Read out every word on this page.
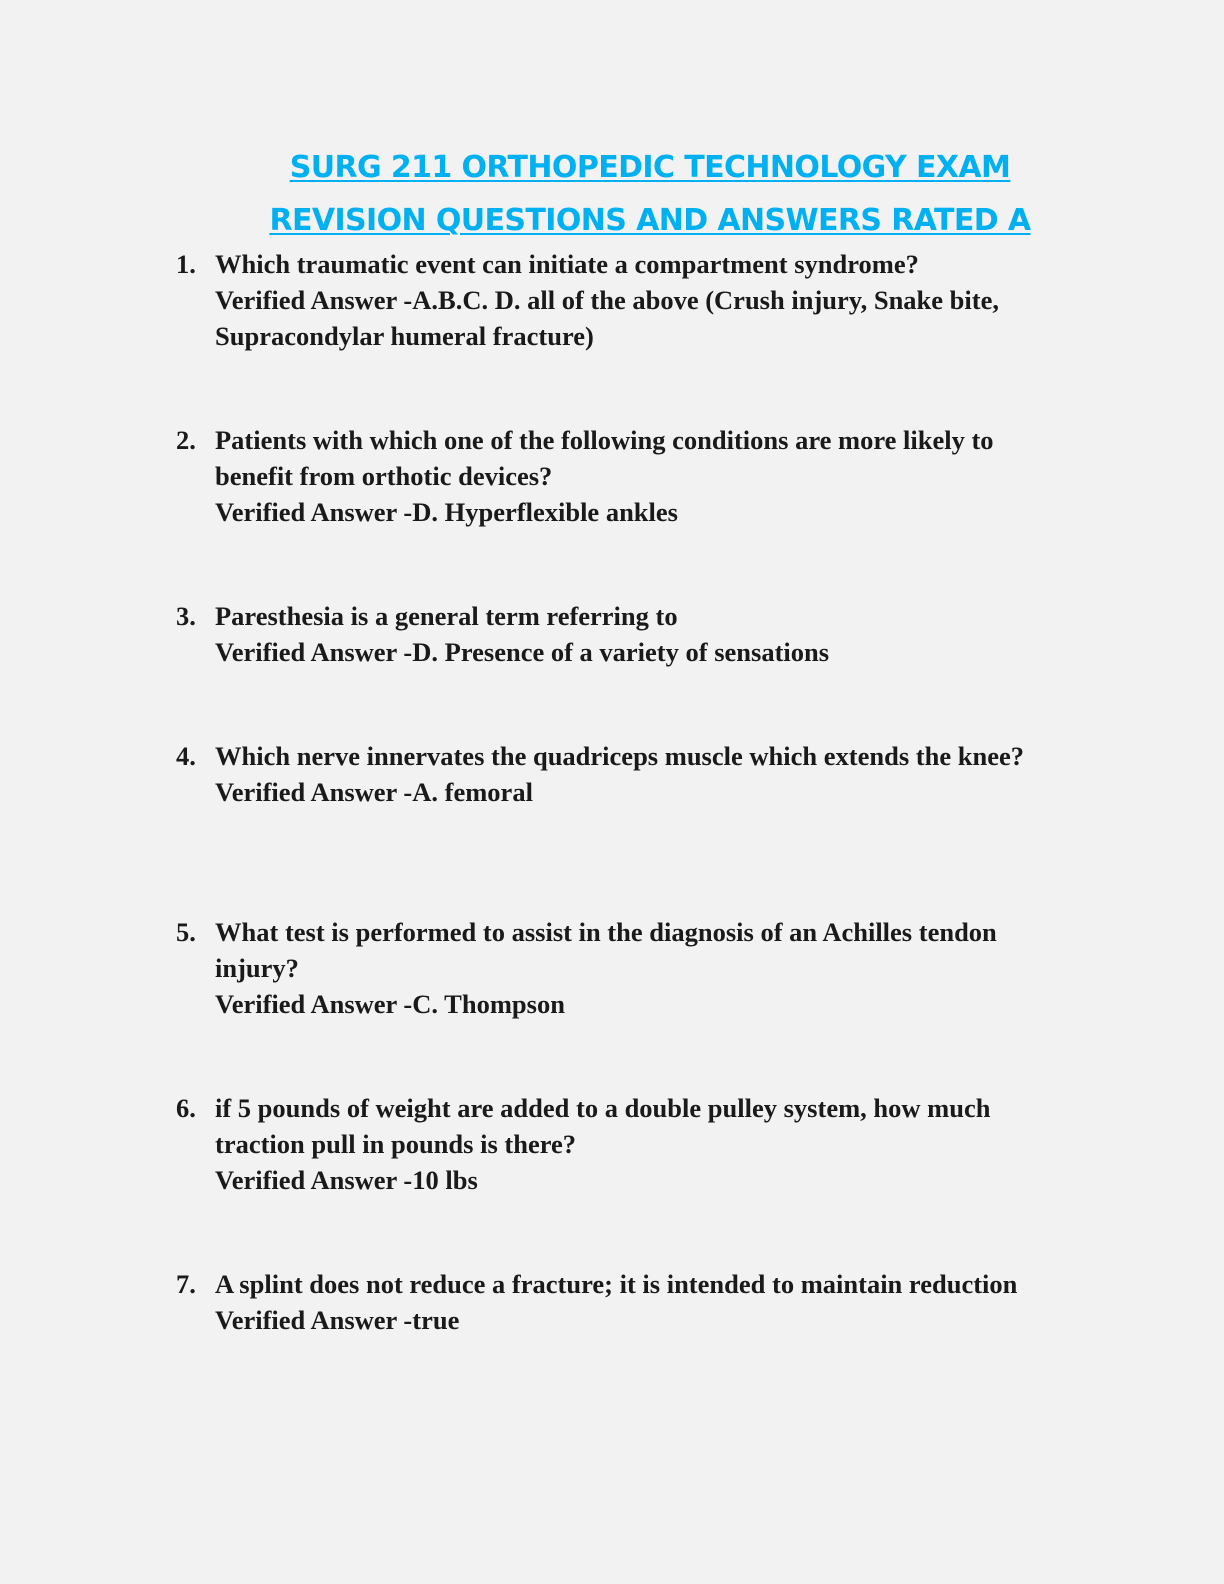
SURG 211 ORTHOPEDIC TECHNOLOGY EXAM
REVISION QUESTIONS AND ANSWERS RATED A
1. Which traumatic event can initiate a compartment syndrome?
Verified Answer -A.B.C. D. all of the above (Crush injury, Snake bite, Supracondylar humeral fracture)
2. Patients with which one of the following conditions are more likely to benefit from orthotic devices?
Verified Answer -D. Hyperflexible ankles
3. Paresthesia is a general term referring to
Verified Answer -D. Presence of a variety of sensations
4. Which nerve innervates the quadriceps muscle which extends the knee?
Verified Answer -A. femoral
5. What test is performed to assist in the diagnosis of an Achilles tendon injury?
Verified Answer -C. Thompson
6. if 5 pounds of weight are added to a double pulley system, how much traction pull in pounds is there?
Verified Answer -10 lbs
7. A splint does not reduce a fracture; it is intended to maintain reduction
Verified Answer -true
